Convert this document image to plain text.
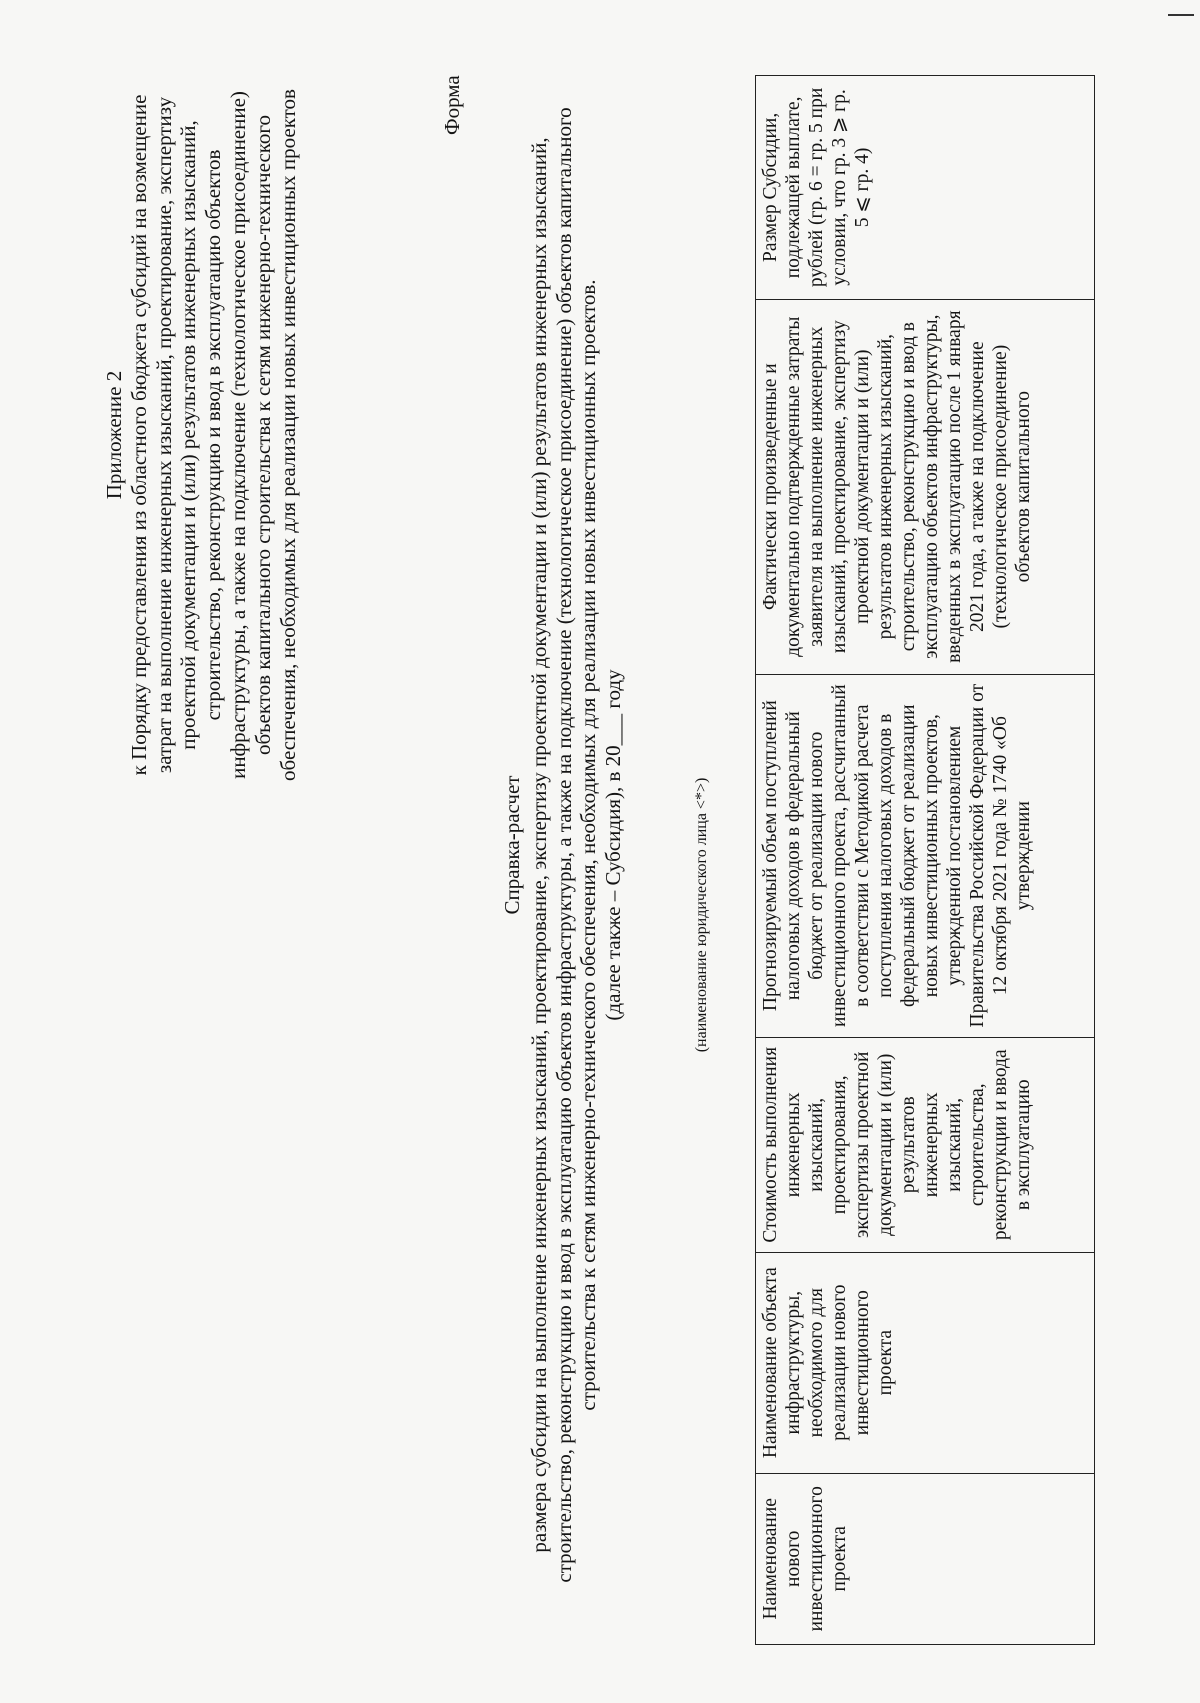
Приложение 2 к Порядку предоставления из областного бюджета субсидий на возмещение затрат на выполнение инженерных изысканий, проектирование, экспертизу проектной документации и (или) результатов инженерных изысканий, строительство, реконструкцию и ввод в эксплуатацию объектов инфраструктуры, а также на подключение (технологическое присоединение) объектов капитального строительства к сетям инженерно-технического обеспечения, необходимых для реализации новых инвестиционных проектов	Форма
Справка-расчет размера субсидии на выполнение инженерных изысканий, проектирование, экспертизу проектной документации и (или) результатов инженерных изысканий, строительство, реконструкцию и ввод в эксплуатацию объектов инфраструктуры, а также на подключение (технологическое присоединение) объектов капитального строительства к сетям инженерно-технического обеспечения, необходимых для реализации новых инвестиционных проектов. (далее также – Субсидия), в 20___ году	(наименование юридического лица <*>)
Наименование нового инвестиционного проекта	Наименование объекта инфраструктуры, необходимого для реализации нового инвестиционного проекта	Стоимость выполнения инженерных изысканий, проектирования, экспертизы проектной документации и (или) результатов инженерных изысканий, строительства, реконструкции и ввода в эксплуатацию	Прогнозируемый объем поступлений налоговых доходов в федеральный бюджет от реализации нового инвестиционного проекта, рассчитанный в соответствии с Методикой расчета поступления налоговых доходов в федеральный бюджет от реализации новых инвестиционных проектов, утвержденной постановлением Правительства Российской Федерации от 12 октября 2021 года № 1740 «Об утверждении	Фактически произведенные и документально подтвержденные затраты заявителя на выполнение инженерных изысканий, проектирование, экспертизу проектной документации и (или) результатов инженерных изысканий, строительство, реконструкцию и ввод в эксплуатацию объектов инфраструктуры, введенных в эксплуатацию после 1 января 2021 года, а также на подключение (технологическое присоединение) объектов капитального	Размер Субсидии, подлежащей выплате, рублей (гр. 6 = гр. 5 при условии, что гр. 3 ⩾ гр. 5 ⩽ гр. 4)
